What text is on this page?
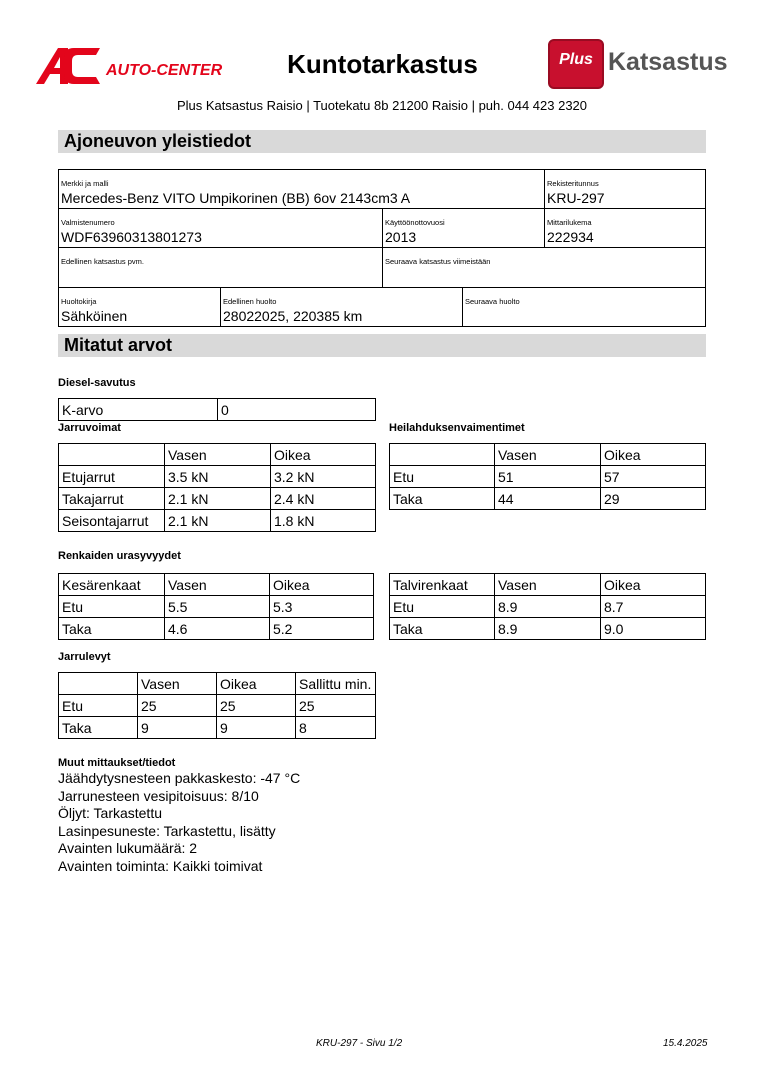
AUTO-CENTER	Kuntotarkastus	Plus Katsastus
Plus Katsastus Raisio | Tuotekatu 8b 21200 Raisio | puh. 044 423 2320
Ajoneuvon yleistiedot
Merkki ja malli
Mercedes-Benz VITO Umpikorinen (BB) 6ov 2143cm3 A
Rekisteritunnus
KRU-297
Valmistenumero
WDF63960313801273
Käyttöönottovuosi
2013
Mittarilukema
222934
Edellinen katsastus pvm.	Seuraava katsastus viimeistään
Huoltokirja
Sähköinen
Edellinen huolto
28022025, 220385 km
Seuraava huolto
Mitatut arvot
Diesel-savutus
K-arvo	0
Jarruvoimat
	Vasen	Oikea
Etujarrut	3.5 kN	3.2 kN
Takajarrut	2.1 kN	2.4 kN
Seisontajarrut	2.1 kN	1.8 kN
Heilahduksenvaimentimet
	Vasen	Oikea
Etu	51	57
Taka	44	29
Renkaiden urasyvyydet
Kesärenkaat	Vasen	Oikea
Etu	5.5	5.3
Taka	4.6	5.2
Talvirenkaat	Vasen	Oikea
Etu	8.9	8.7
Taka	8.9	9.0
Jarrulevyt
	Vasen	Oikea	Sallittu min.
Etu	25	25	25
Taka	9	9	8
Muut mittaukset/tiedot
Jäähdytysnesteen pakkaskesto: -47 °C
Jarrunesteen vesipitoisuus: 8/10
Öljyt: Tarkastettu
Lasinpesuneste: Tarkastettu, lisätty
Avainten lukumäärä: 2
Avainten toiminta: Kaikki toimivat
KRU-297 - Sivu 1/2	15.4.2025
